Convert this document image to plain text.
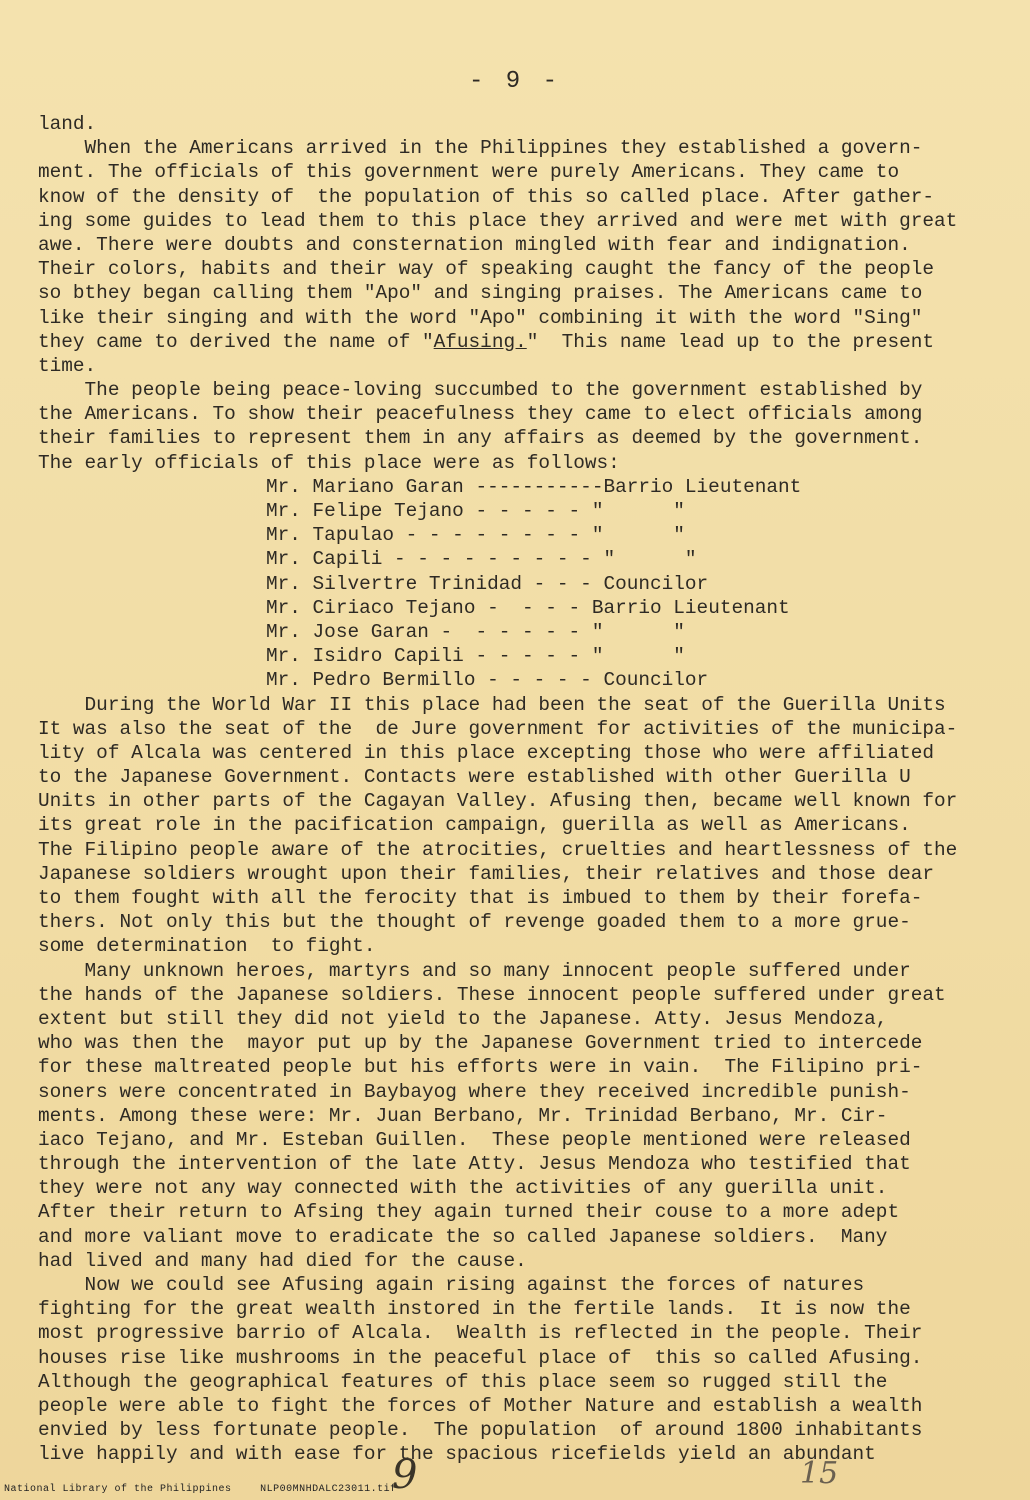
- 9 -
land.
When the Americans arrived in the Philippines they established a govern-
ment. The officials of this government were purely Americans. They came to
know of the density of  the population of this so called place. After gather-
ing some guides to lead them to this place they arrived and were met with great
awe. There were doubts and consternation mingled with fear and indignation.
Their colors, habits and their way of speaking caught the fancy of the people
so bthey began calling them "Apo" and singing praises. The Americans came to
like their singing and with the word "Apo" combining it with the word "Sing"
they came to derived the name of "Afusing."  This name lead up to the present
time.
The people being peace-loving succumbed to the government established by
the Americans. To show their peacefulness they came to elect officials among
their families to represent them in any affairs as deemed by the government.
The early officials of this place were as follows:
Mr. Mariano Garan ----------- Barrio Lieutenant
Mr. Felipe Tejano - - - - - "      "
Mr. Tapulao - - - - - - - - "      "
Mr. Capili - - - - - - - - - "      "
Mr. Silvertre Trinidad - - - Councilor
Mr. Ciriaco Tejano -  - - - Barrio Lieutenant
Mr. Jose Garan -  - - - - - "      "
Mr. Isidro Capili - - - - - "      "
Mr. Pedro Bermillo - - - - - Councilor
During the World War II this place had been the seat of the Guerilla Units
It was also the seat of the  de Jure government for activities of the municipa-
lity of Alcala was centered in this place excepting those who were affiliated
to the Japanese Government. Contacts were established with other Guerilla U
Units in other parts of the Cagayan Valley. Afusing then, became well known for
its great role in the pacification campaign, guerilla as well as Americans.
The Filipino people aware of the atrocities, cruelties and heartlessness of the
Japanese soldiers wrought upon their families, their relatives and those dear
to them fought with all the ferocity that is imbued to them by their forefa-
thers. Not only this but the thought of revenge goaded them to a more grue-
some determination  to fight.
Many unknown heroes, martyrs and so many innocent people suffered under
the hands of the Japanese soldiers. These innocent people suffered under great
extent but still they did not yield to the Japanese. Atty. Jesus Mendoza,
who was then the  mayor put up by the Japanese Government tried to intercede
for these maltreated people but his efforts were in vain.  The Filipino pri-
soners were concentrated in Baybayog where they received incredible punish-
ments. Among these were: Mr. Juan Berbano, Mr. Trinidad Berbano, Mr. Cir-
iaco Tejano, and Mr. Esteban Guillen.  These people mentioned were released
through the intervention of the late Atty. Jesus Mendoza who testified that
they were not any way connected with the activities of any guerilla unit.
After their return to Afsing they again turned their couse to a more adept
and more valiant move to eradicate the so called Japanese soldiers.  Many
had lived and many had died for the cause.
Now we could see Afusing again rising against the forces of natures
fighting for the great wealth instored in the fertile lands.  It is now the
most progressive barrio of Alcala.  Wealth is reflected in the people. Their
houses rise like mushrooms in the peaceful place of  this so called Afusing.
Although the geographical features of this place seem so rugged still the
people were able to fight the forces of Mother Nature and establish a wealth
envied by less fortunate people.  The population  of around 1800 inhabitants
live happily and with ease for the spacious ricefields yield an abundant
National Library of the Philippines	NLP00MNHDALC23011.tif
9	15
